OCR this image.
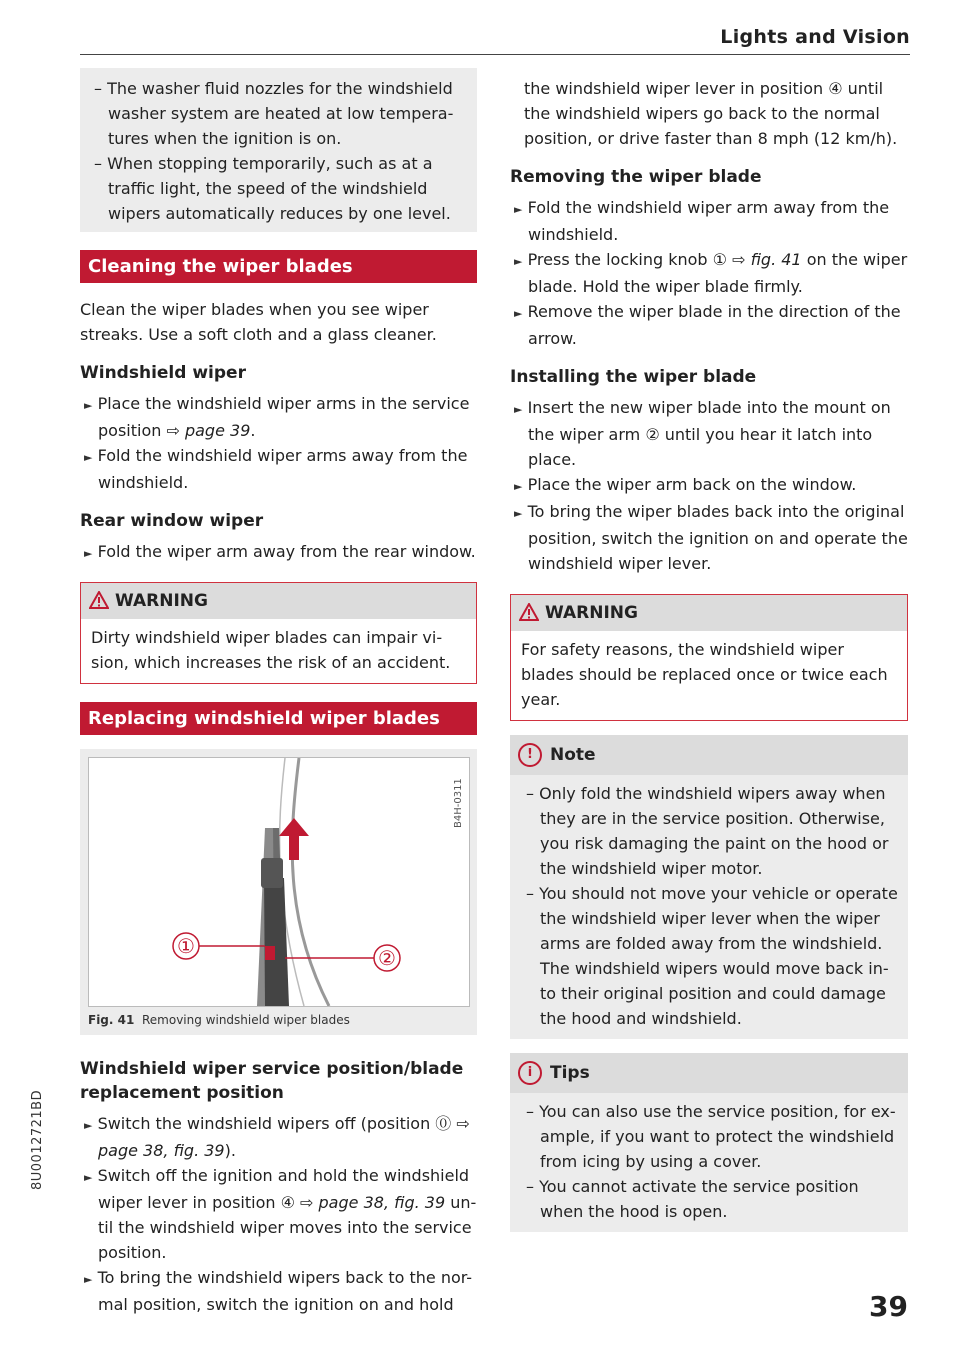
Lights and Vision

– The washer fluid nozzles for the windshield washer system are heated at low tempera-tures when the ignition is on.

– When stopping temporarily, such as at a traffic light, the speed of the windshield wipers automatically reduces by one level.

Cleaning the wiper blades

Clean the wiper blades when you see wiper streaks. Use a soft cloth and a glass cleaner.

Windshield wiper

► Place the windshield wiper arms in the service position ⇨ page 39.

► Fold the windshield wiper arms away from the windshield.

Rear window wiper

► Fold the wiper arm away from the rear window.

WARNING
Dirty windshield wiper blades can impair vi-sion, which increases the risk of an accident.
Replacing windshield wiper blades
①	②
B4H-0311
Fig. 41 Removing windshield wiper blades
Windshield wiper service position/blade replacement position

► Switch the windshield wipers off (position ⓪ ⇨ page 38, fig. 39).

► Switch off the ignition and hold the windshield wiper lever in position ④ ⇨ page 38, fig. 39 un-til the windshield wiper moves into the service position.

► To bring the windshield wipers back to the nor-mal position, switch the ignition on and hold

the windshield wiper lever in position ④ until the windshield wipers go back to the normal position, or drive faster than 8 mph (12 km/h).

Removing the wiper blade

► Fold the windshield wiper arm away from the windshield.

► Press the locking knob ① ⇨ fig. 41 on the wiper blade. Hold the wiper blade firmly.

► Remove the wiper blade in the direction of the arrow.

Installing the wiper blade

► Insert the new wiper blade into the mount on the wiper arm ② until you hear it latch into place.

► Place the wiper arm back on the window.

► To bring the wiper blades back into the original position, switch the ignition on and operate the windshield wiper lever.

WARNING
For safety reasons, the windshield wiper blades should be replaced once or twice each year.
! Note

– Only fold the windshield wipers away when they are in the service position. Otherwise, you risk damaging the paint on the hood or the windshield wiper motor.

– You should not move your vehicle or operate the windshield wiper lever when the wiper arms are folded away from the windshield. The windshield wipers would move back in-to their original position and could damage the hood and windshield.

i Tips

– You can also use the service position, for ex-ample, if you want to protect the windshield from icing by using a cover.

– You cannot activate the service position when the hood is open.

8U0012721BD
39
